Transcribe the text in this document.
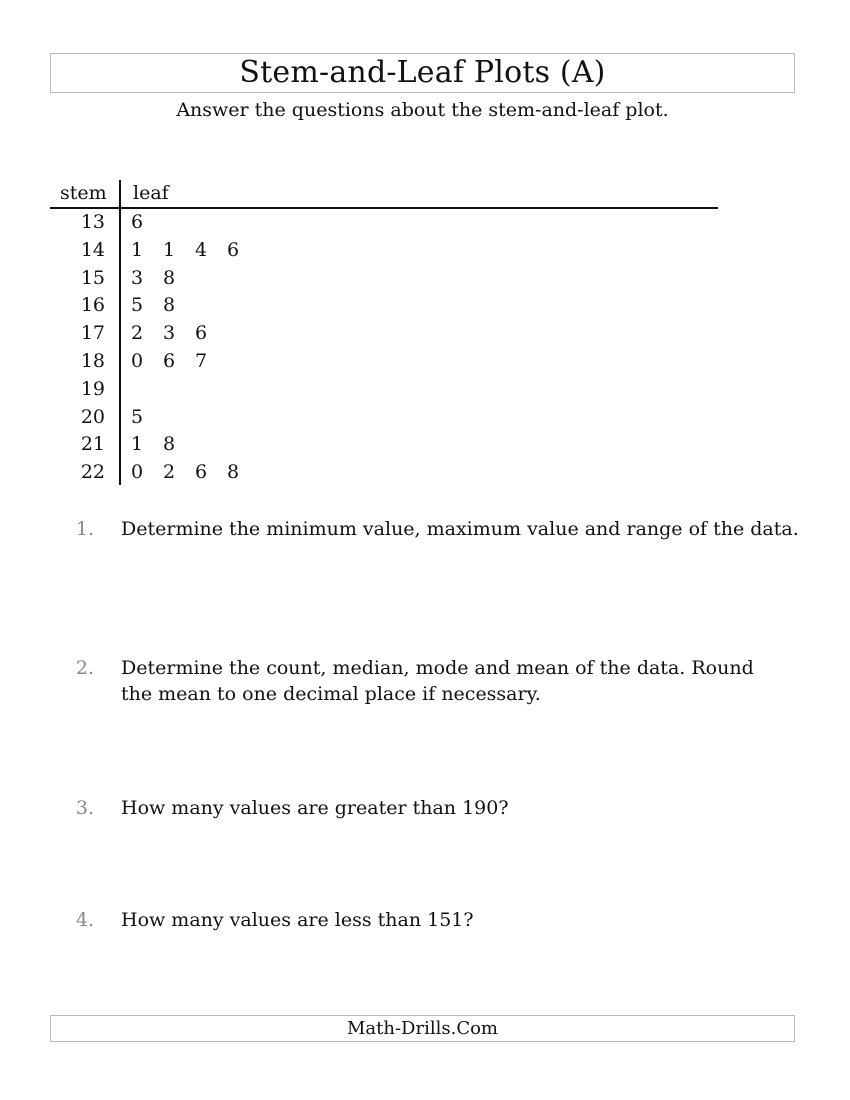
Stem-and-Leaf Plots (A)
Answer the questions about the stem-and-leaf plot.
stem leaf
13 6
14 1 1 4 6
15 3 8
16 5 8
17 2 3 6
18 0 6 7
19
20 5
21 1 8
22 0 2 6 8
1. Determine the minimum value, maximum value and range of the data.
2. Determine the count, median, mode and mean of the data. Round the mean to one decimal place if necessary.
3. How many values are greater than 190?
4. How many values are less than 151?
Math-Drills.Com
